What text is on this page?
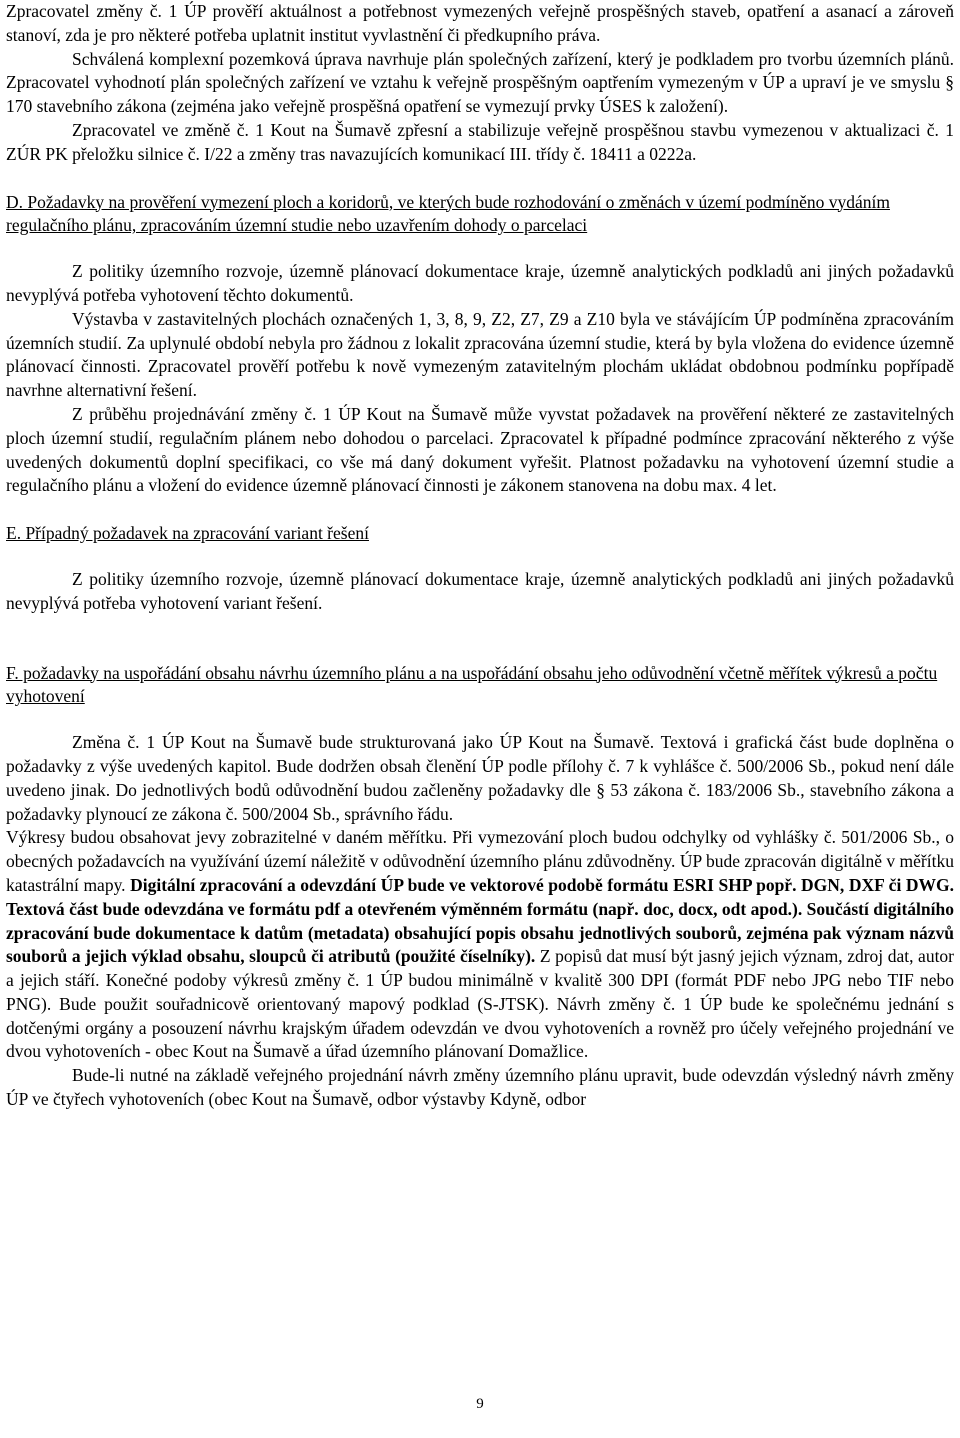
Zpracovatel změny č. 1 ÚP prověří aktuálnost a potřebnost vymezených veřejně prospěšných staveb, opatření a asanací a zároveň stanoví, zda je pro některé potřeba uplatnit institut vyvlastnění či předkupního práva.

Schválená komplexní pozemková úprava navrhuje plán společných zařízení, který je podkladem pro tvorbu územních plánů. Zpracovatel vyhodnotí plán společných zařízení ve vztahu k veřejně prospěšným oaptřením vymezeným v ÚP a upraví je ve smyslu § 170 stavebního zákona (zejména jako veřejně prospěšná opatření se vymezují prvky ÚSES k založení).

Zpracovatel ve změně č. 1 Kout na Šumavě zpřesní a stabilizuje veřejně prospěšnou stavbu vymezenou v aktualizaci č. 1 ZÚR PK přeložku silnice č. I/22 a změny tras navazujících komunikací III. třídy č. 18411 a 0222a.

D. Požadavky na prověření vymezení ploch a koridorů, ve kterých bude rozhodování o změnách v území podmíněno vydáním regulačního plánu, zpracováním územní studie nebo uzavřením dohody o parcelaci

Z politiky územního rozvoje, územně plánovací dokumentace kraje, územně analytických podkladů ani jiných požadavků nevyplývá potřeba vyhotovení těchto dokumentů.

Výstavba v zastavitelných plochách označených 1, 3, 8, 9, Z2, Z7, Z9 a Z10 byla ve stávájícím ÚP podmíněna zpracováním územních studií. Za uplynulé období nebyla pro žádnou z lokalit zpracována územní studie, která by byla vložena do evidence územně plánovací činnosti. Zpracovatel prověří potřebu k nově vymezeným zatavitelným plochám ukládat obdobnou podmínku popřípadě navrhne alternativní řešení.

Z průběhu projednávání změny č. 1 ÚP Kout na Šumavě může vyvstat požadavek na prověření některé ze zastavitelných ploch územní studií, regulačním plánem nebo dohodou o parcelaci. Zpracovatel k případné podmínce zpracování některého z výše uvedených dokumentů doplní specifikaci, co vše má daný dokument vyřešit. Platnost požadavku na vyhotovení územní studie a regulačního plánu a vložení do evidence územně plánovací činnosti je zákonem stanovena na dobu max. 4 let.

E. Případný požadavek na zpracování variant řešení

Z politiky územního rozvoje, územně plánovací dokumentace kraje, územně analytických podkladů ani jiných požadavků nevyplývá potřeba vyhotovení variant řešení.

F. požadavky na uspořádání obsahu návrhu územního plánu a na uspořádání obsahu jeho odůvodnění včetně měřítek výkresů a počtu vyhotovení

Změna č. 1 ÚP Kout na Šumavě bude strukturovaná jako ÚP Kout na Šumavě. Textová i grafická část bude doplněna o požadavky z výše uvedených kapitol. Bude dodržen obsah členění ÚP podle přílohy č. 7 k vyhlášce č. 500/2006 Sb., pokud není dále uvedeno jinak. Do jednotlivých bodů odůvodnění budou začleněny požadavky dle § 53 zákona č. 183/2006 Sb., stavebního zákona a požadavky plynoucí ze zákona č. 500/2004 Sb., správního řádu.

Výkresy budou obsahovat jevy zobrazitelné v daném měřítku. Při vymezování ploch budou odchylky od vyhlášky č. 501/2006 Sb., o obecných požadavcích na využívání území náležitě v odůvodnění územního plánu zdůvodněny. ÚP bude zpracován digitálně v měřítku katastrální mapy. Digitální zpracování a odevzdání ÚP bude ve vektorové podobě formátu ESRI SHP popř. DGN, DXF či DWG. Textová část bude odevzdána ve formátu pdf a otevřeném výměnném formátu (např. doc, docx, odt apod.). Součástí digitálního zpracování bude dokumentace k datům (metadata) obsahující popis obsahu jednotlivých souborů, zejména pak význam názvů souborů a jejich výklad obsahu, sloupců či atributů (použité číselníky). Z popisů dat musí být jasný jejich význam, zdroj dat, autor a jejich stáří. Konečné podoby výkresů změny č. 1 ÚP budou minimálně v kvalitě 300 DPI (formát PDF nebo JPG nebo TIF nebo PNG). Bude použit souřadnicově orientovaný mapový podklad (S-JTSK). Návrh změny č. 1 ÚP bude ke společnému jednání s dotčenými orgány a posouzení návrhu krajským úřadem odevzdán ve dvou vyhotoveních a rovněž pro účely veřejného projednání ve dvou vyhotoveních - obec Kout na Šumavě a úřad územního plánovaní Domažlice.

Bude-li nutné na základě veřejného projednání návrh změny územního plánu upravit, bude odevzdán výsledný návrh změny ÚP ve čtyřech vyhotoveních (obec Kout na Šumavě, odbor výstavby Kdyně, odbor

9
